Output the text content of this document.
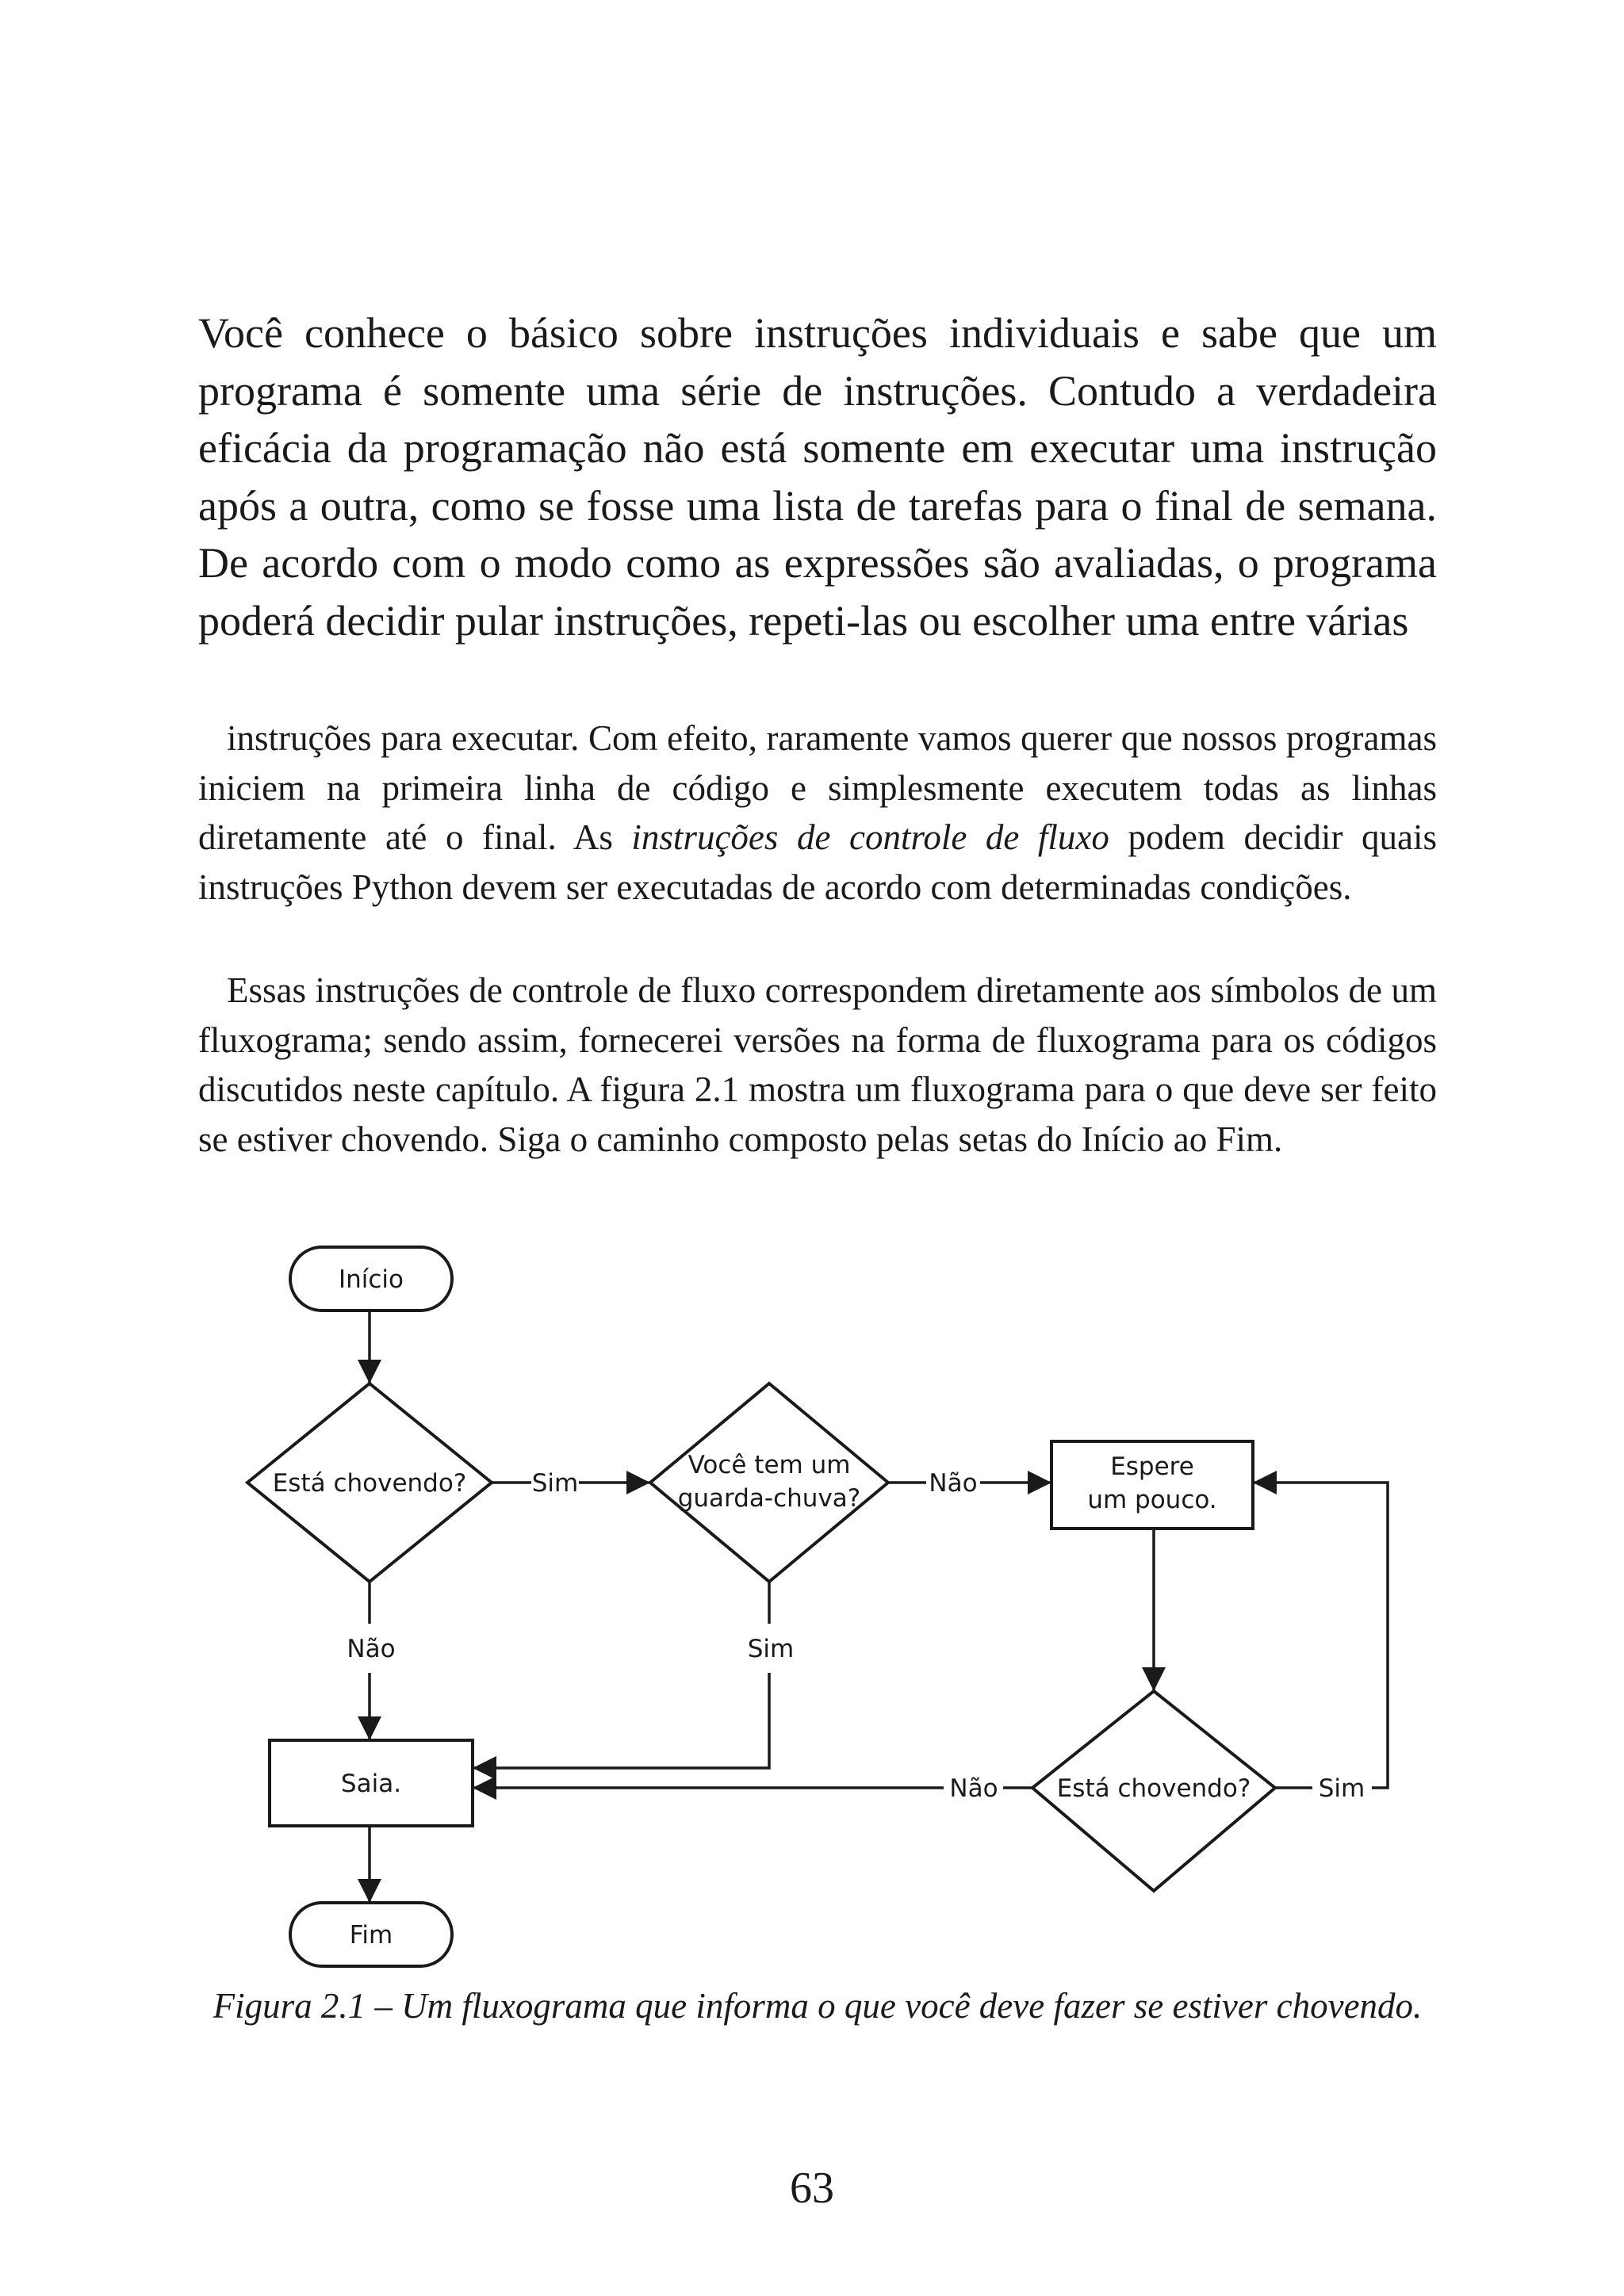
Você conhece o básico sobre instruções individuais e sabe que um programa é somente uma série de instruções. Contudo a verdadeira eficácia da programação não está somente em executar uma instrução após a outra, como se fosse uma lista de tarefas para o final de semana. De acordo com o modo como as expressões são avaliadas, o programa poderá decidir pular instruções, repeti-las ou escolher uma entre várias
instruções para executar. Com efeito, raramente vamos querer que nossos programas iniciem na primeira linha de código e simplesmente executem todas as linhas diretamente até o final. As instruções de controle de fluxo podem decidir quais instruções Python devem ser executadas de acordo com determinadas condições.
Essas instruções de controle de fluxo correspondem diretamente aos símbolos de um fluxograma; sendo assim, fornecerei versões na forma de fluxograma para os códigos discutidos neste capítulo. A figura 2.1 mostra um fluxograma para o que deve ser feito se estiver chovendo. Siga o caminho composto pelas setas do Início ao Fim.
Início
Está chovendo?
Você tem um
guarda-chuva?
Espere
um pouco.
Saia.
Fim
Está chovendo?
Sim	Não
Não	Sim
Não	Sim
Figura 2.1 – Um fluxograma que informa o que você deve fazer se estiver chovendo.
63
